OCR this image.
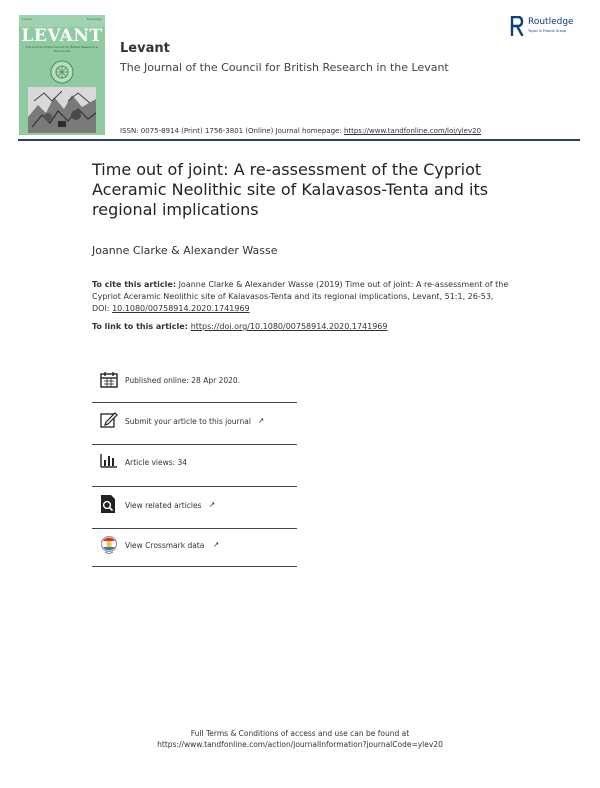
Levant	Routledge
LEVANT
The Journal of the Council for British Research in the Levant	Levant
The Journal of the Council for British Research in the Levant
ISSN: 0075-8914 (Print) 1756-3801 (Online) Journal homepage: https://www.tandfonline.com/loi/ylev20
Routledge
Taylor & Francis Group
Time out of joint: A re-assessment of the Cypriot Aceramic Neolithic site of Kalavasos-Tenta and its regional implications
Joanne Clarke & Alexander Wasse
To cite this article: Joanne Clarke & Alexander Wasse (2019) Time out of joint: A re-assessment of the Cypriot Aceramic Neolithic site of Kalavasos-Tenta and its regional implications, Levant, 51:1, 26-53, DOI: 10.1080/00758914.2020.1741969
To link to this article: https://doi.org/10.1080/00758914.2020.1741969
Published online: 28 Apr 2020.
Submit your article to this journal ↗
Article views: 34
View related articles ↗
View Crossmark data ↗
Full Terms & Conditions of access and use can be found at
https://www.tandfonline.com/action/journalInformation?journalCode=ylev20
